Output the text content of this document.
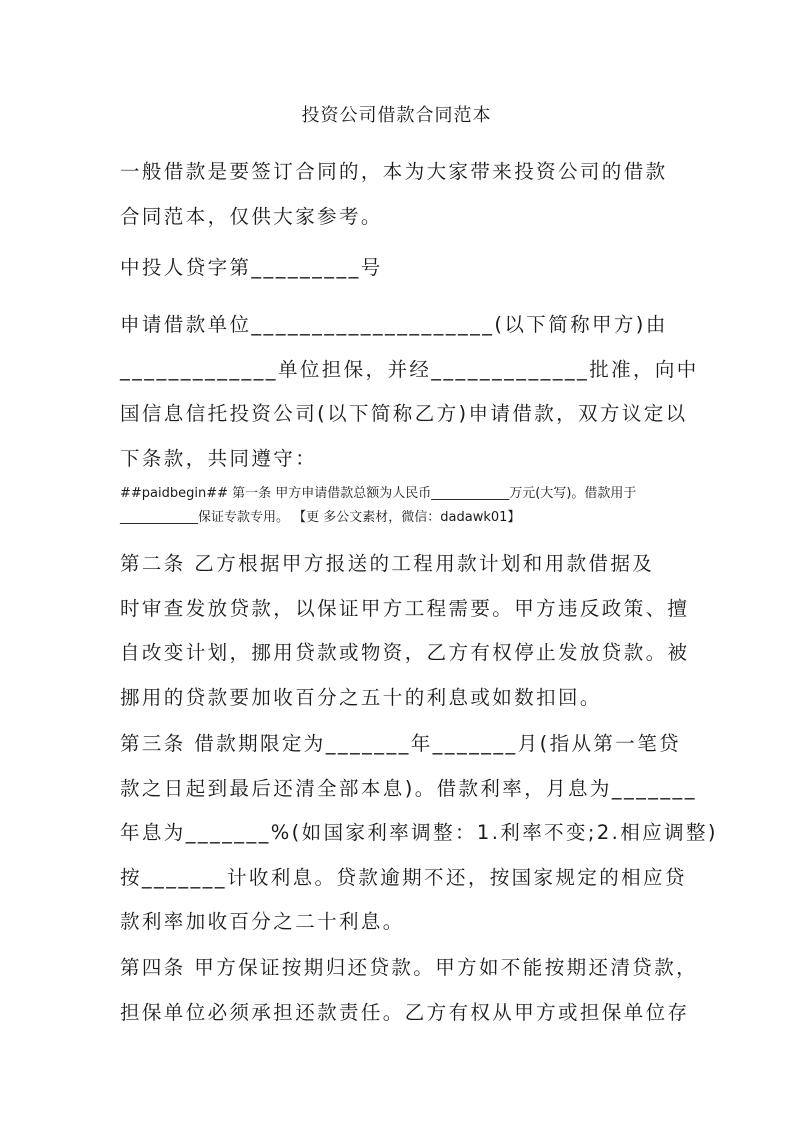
投资公司借款合同范本
一般借款是要签订合同的，本为大家带来投资公司的借款
合同范本，仅供大家参考。
中投人贷字第_________号
申请借款单位____________________(以下简称甲方)由
_____________单位担保，并经_____________批准，向中
国信息信托投资公司(以下简称乙方)申请借款，双方议定以
下条款，共同遵守：
##paidbegin## 第一条 甲方申请借款总额为人民币____________万元(大写)。借款用于
____________保证专款专用。 【更 多公文素材，微信：dadawk01】
第二条 乙方根据甲方报送的工程用款计划和用款借据及
时审查发放贷款，以保证甲方工程需要。甲方违反政策、擅
自改变计划，挪用贷款或物资，乙方有权停止发放贷款。被
挪用的贷款要加收百分之五十的利息或如数扣回。
第三条 借款期限定为_______年_______月(指从第一笔贷
款之日起到最后还清全部本息)。借款利率，月息为_______
年息为_______%(如国家利率调整：1.利率不变;2.相应调整)
按_______计收利息。贷款逾期不还，按国家规定的相应贷
款利率加收百分之二十利息。
第四条 甲方保证按期归还贷款。甲方如不能按期还清贷款，
担保单位必须承担还款责任。乙方有权从甲方或担保单位存
